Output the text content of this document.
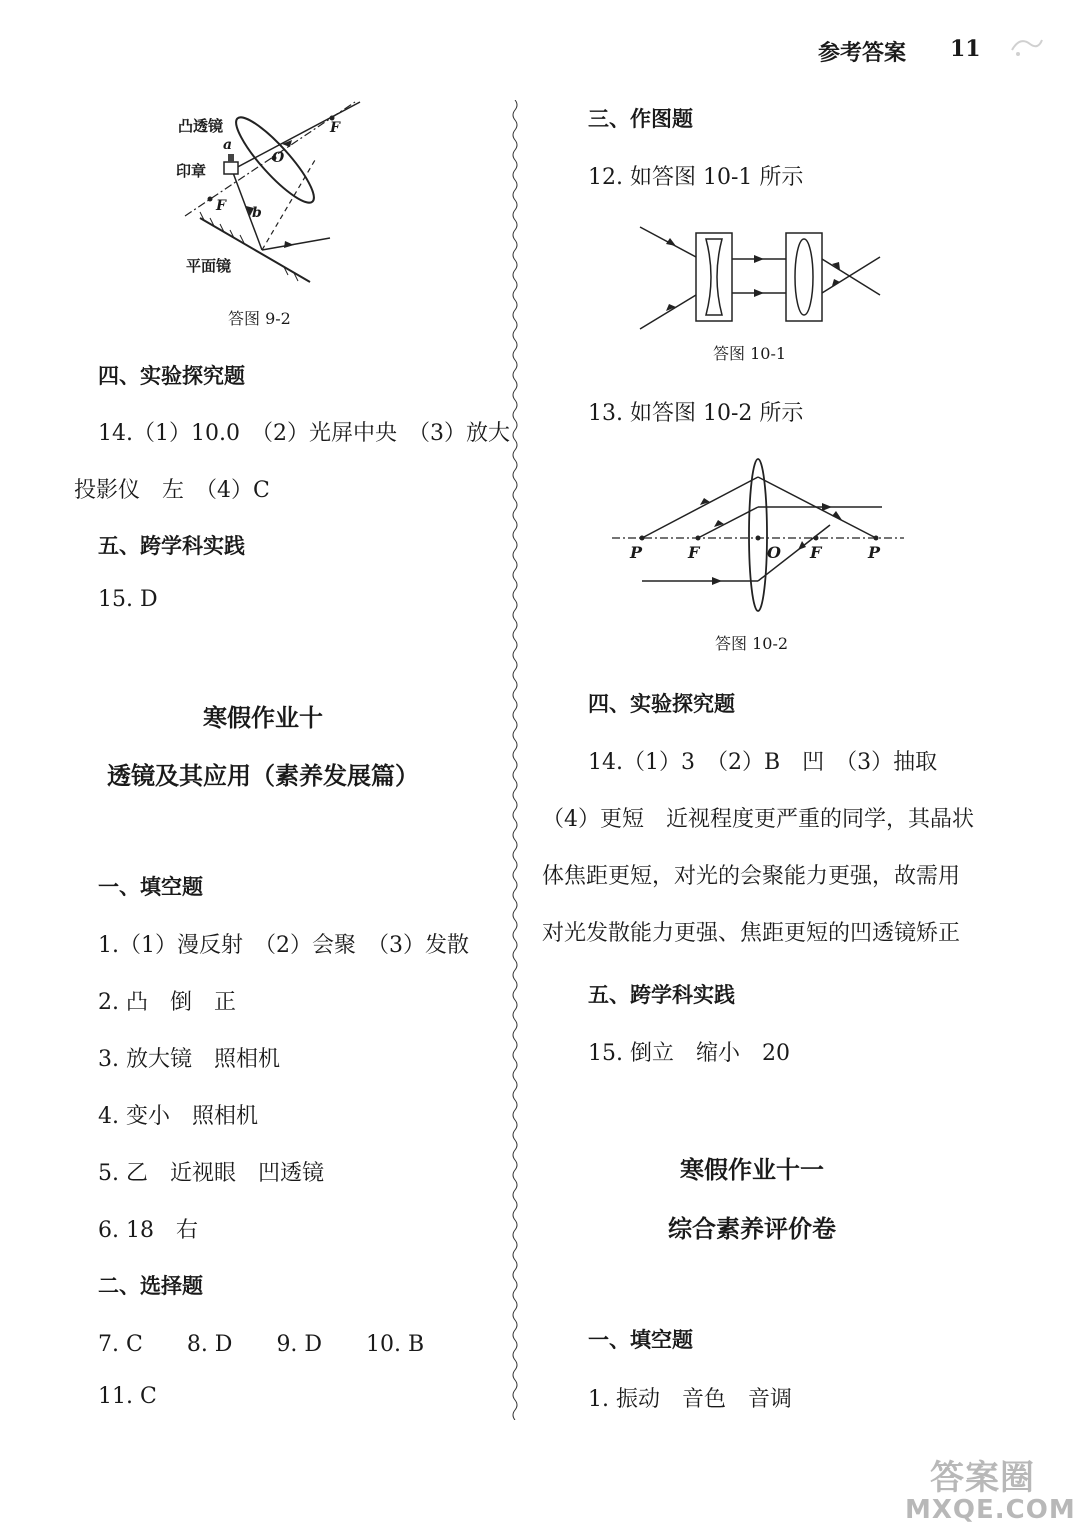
参考答案 11
凸透镜
印章
平面镜
a
b
O
F
F
答图 9-2
四、实验探究题
14.（1）10.0　（2）光屏中央　（3）放大
投影仪　左　（4）C
五、跨学科实践
15. D
寒假作业十
透镜及其应用（素养发展篇）
一、填空题
1.（1）漫反射　（2）会聚　（3）发散
2. 凸　倒　正
3. 放大镜　照相机
4. 变小　照相机
5. 乙　近视眼　凹透镜
6. 18　右
二、选择题
7. C　　8. D　　9. D　　10. B
11. C
三、作图题
12. 如答图 10-1 所示
答图 10-1
13. 如答图 10-2 所示
P	F	O F	P
答图 10-2
四、实验探究题
14.（1）3　（2）B　凹　（3）抽取
（4）更短　近视程度更严重的同学，其晶状
体焦距更短，对光的会聚能力更强，故需用
对光发散能力更强、焦距更短的凹透镜矫正
五、跨学科实践
15. 倒立　缩小　20
寒假作业十一
综合素养评价卷
一、填空题
1. 振动　音色　音调
答案圈
MXQE.COM
